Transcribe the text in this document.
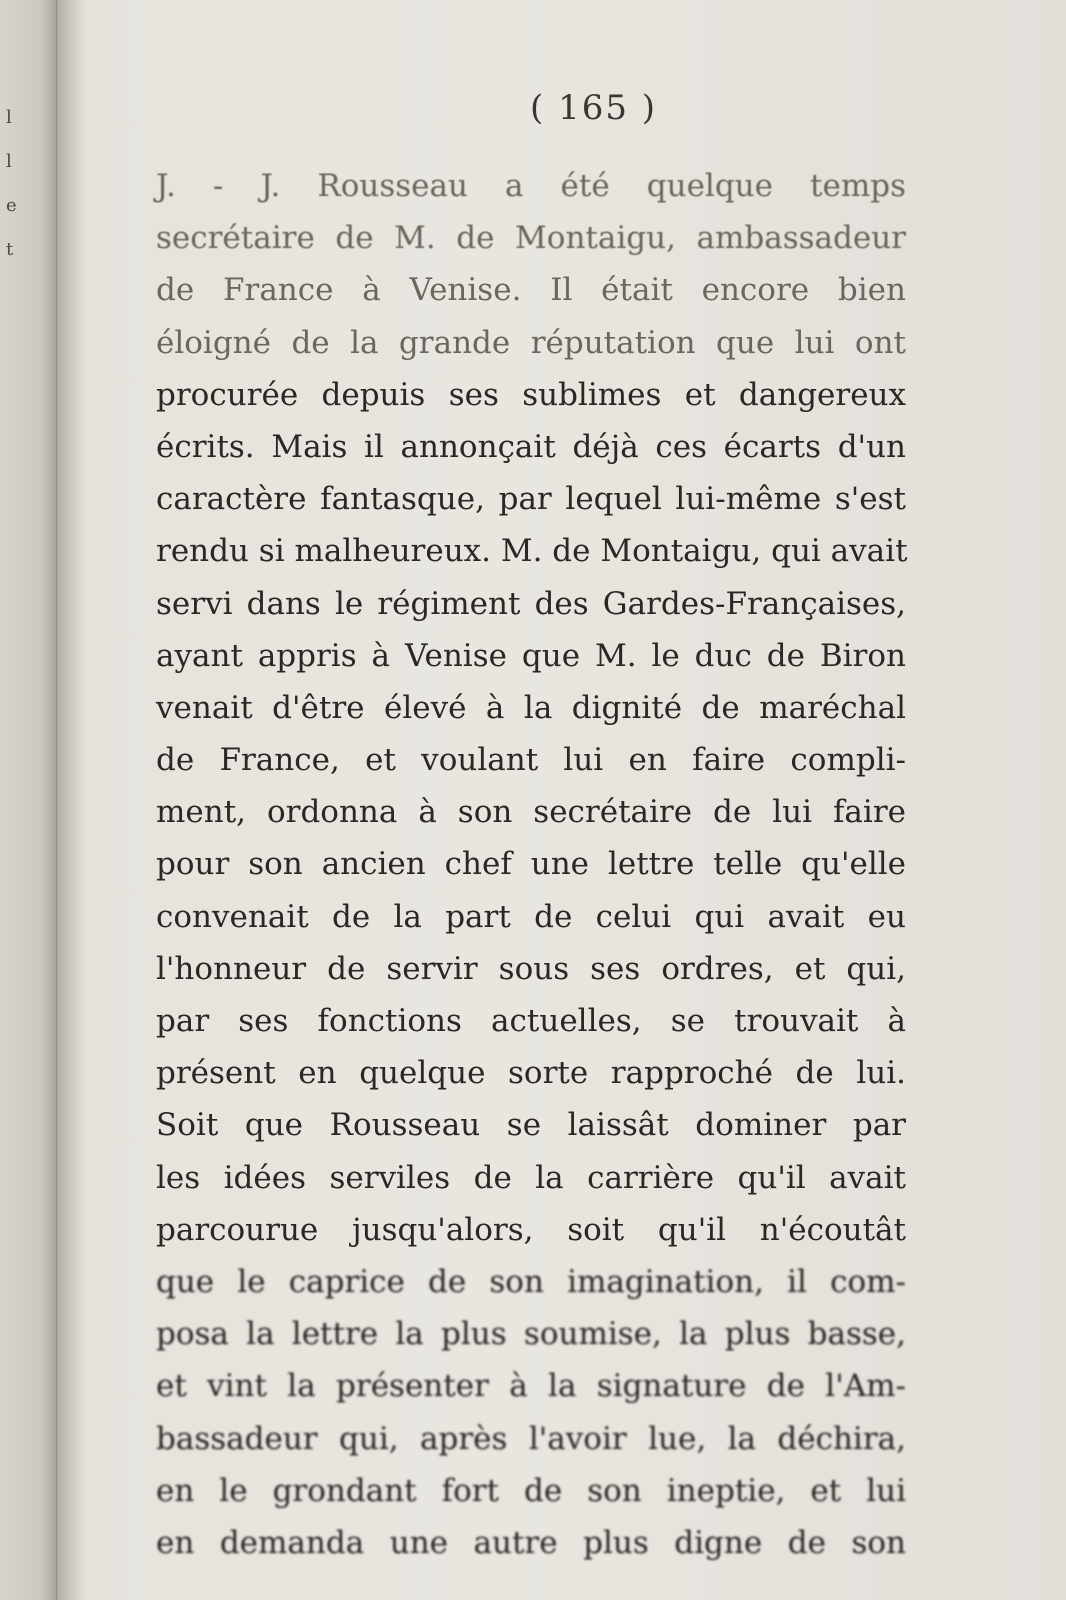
l
l
e
t
( 165 )
J. - J. Rousseau a été quelque temps
secrétaire de M. de Montaigu, ambassadeur
de France à Venise. Il était encore bien
éloigné de la grande réputation que lui ont
procurée depuis ses sublimes et dangereux
écrits. Mais il annonçait déjà ces écarts d'un
caractère fantasque, par lequel lui-même s'est
rendu si malheureux. M. de Montaigu, qui avait
servi dans le régiment des Gardes-Françaises,
ayant appris à Venise que M. le duc de Biron
venait d'être élevé à la dignité de maréchal
de France, et voulant lui en faire compli-
ment, ordonna à son secrétaire de lui faire
pour son ancien chef une lettre telle qu'elle
convenait de la part de celui qui avait eu
l'honneur de servir sous ses ordres, et qui,
par ses fonctions actuelles, se trouvait à
présent en quelque sorte rapproché de lui.
Soit que Rousseau se laissât dominer par
les idées serviles de la carrière qu'il avait
parcourue jusqu'alors, soit qu'il n'écoutât
que le caprice de son imagination, il com-
posa la lettre la plus soumise, la plus basse,
et vint la présenter à la signature de l'Am-
bassadeur qui, après l'avoir lue, la déchira,
en le grondant fort de son ineptie, et lui
en demanda une autre plus digne de son
